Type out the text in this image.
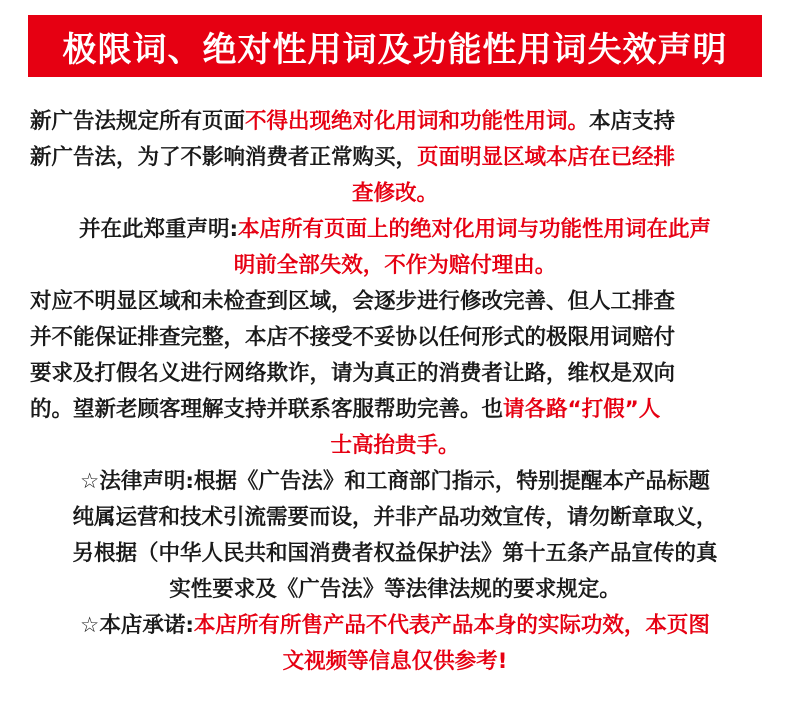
极限词、绝对性用词及功能性用词失效声明
新广告法规定所有页面不得出现绝对化用词和功能性用词。本店支持
新广告法，为了不影响消费者正常购买，页面明显区域本店在已经排
查修改。
并在此郑重声明:本店所有页面上的绝对化用词与功能性用词在此声
明前全部失效，不作为赔付理由。
对应不明显区域和未检查到区域，会逐步进行修改完善、但人工排查
并不能保证排查完整，本店不接受不妥协以任何形式的极限用词赔付
要求及打假名义进行网络欺诈，请为真正的消费者让路，维权是双向
的。望新老顾客理解支持并联系客服帮助完善。也请各路“打假”人
士高抬贵手。
☆法律声明:根据《广告法》和工商部门指示，特别提醒本产品标题
纯属运营和技术引流需要而设，并非产品功效宣传，请勿断章取义，
另根据（中华人民共和国消费者权益保护法》第十五条产品宣传的真
实性要求及《广告法》等法律法规的要求规定。
☆本店承诺:本店所有所售产品不代表产品本身的实际功效，本页图
文视频等信息仅供参考!
